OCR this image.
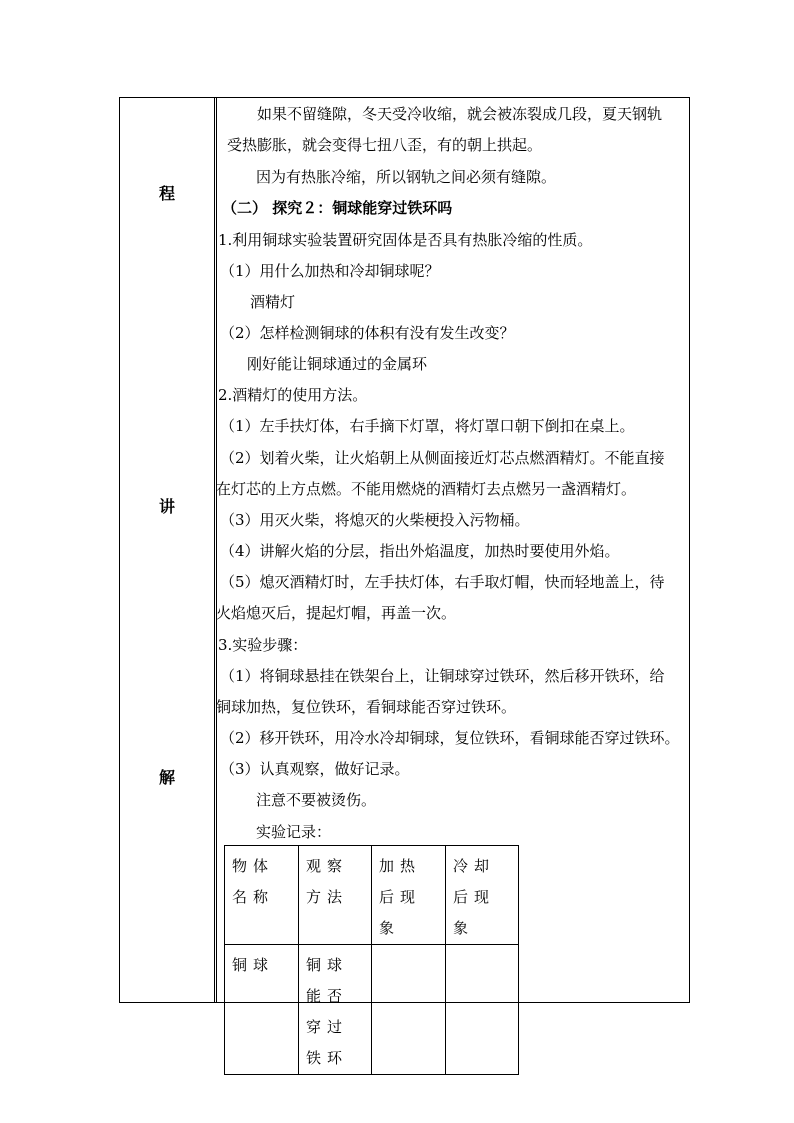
程
讲
解
如果不留缝隙，冬天受冷收缩，就会被冻裂成几段，夏天钢轨
受热膨胀，就会变得七扭八歪，有的朝上拱起。
因为有热胀冷缩，所以钢轨之间必须有缝隙。
（二） 探究２：铜球能穿过铁环吗
1.利用铜球实验装置研究固体是否具有热胀冷缩的性质。
（1）用什么加热和冷却铜球呢？
酒精灯
（2）怎样检测铜球的体积有没有发生改变？
刚好能让铜球通过的金属环
2.酒精灯的使用方法。
（1）左手扶灯体，右手摘下灯罩，将灯罩口朝下倒扣在桌上。
（2）划着火柴，让火焰朝上从侧面接近灯芯点燃酒精灯。不能直接
在灯芯的上方点燃。不能用燃烧的酒精灯去点燃另一盏酒精灯。
（3）用灭火柴，将熄灭的火柴梗投入污物桶。
（4）讲解火焰的分层，指出外焰温度，加热时要使用外焰。
（5）熄灭酒精灯时，左手扶灯体，右手取灯帽，快而轻地盖上，待
火焰熄灭后，提起灯帽，再盖一次。
3.实验步骤：
（1）将铜球悬挂在铁架台上，让铜球穿过铁环，然后移开铁环，给
铜球加热，复位铁环，看铜球能否穿过铁环。
（2）移开铁环，用冷水冷却铜球，复位铁环，看铜球能否穿过铁环。
（3）认真观察，做好记录。
注意不要被烫伤。
实验记录：
物体名称	观察方法	加热后现象	冷却后现象
铜球	铜球能否穿过铁环		
